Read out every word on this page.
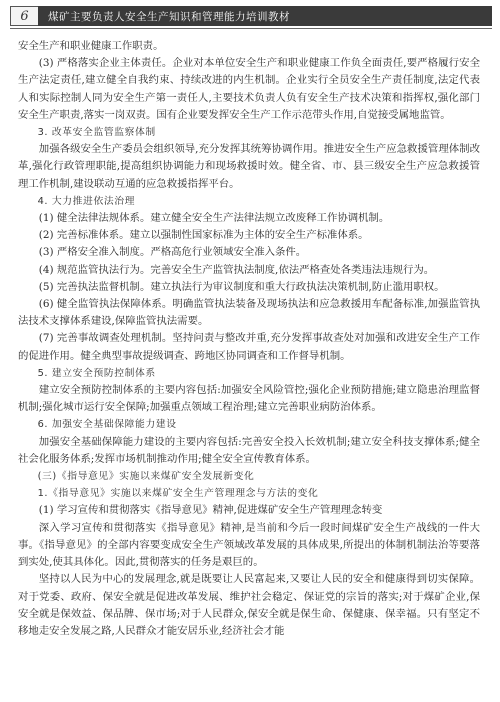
6	煤矿主要负责人安全生产知识和管理能力培训教材

安全生产和职业健康工作职责。

(3) 严格落实企业主体责任。企业对本单位安全生产和职业健康工作负全面责任,要严格履行安全生产法定责任,建立健全自我约束、持续改进的内生机制。企业实行全员安全生产责任制度,法定代表人和实际控制人同为安全生产第一责任人,主要技术负责人负有安全生产技术决策和指挥权,强化部门安全生产职责,落实一岗双责。国有企业要发挥安全生产工作示范带头作用,自觉接受属地监管。

3. 改革安全监管监察体制

加强各级安全生产委员会组织领导,充分发挥其统筹协调作用。推进安全生产应急救援管理体制改革,强化行政管理职能,提高组织协调能力和现场救援时效。健全省、市、县三级安全生产应急救援管理工作机制,建设联动互通的应急救援指挥平台。

4. 大力推进依法治理

(1) 健全法律法规体系。建立健全安全生产法律法规立改废释工作协调机制。

(2) 完善标准体系。建立以强制性国家标准为主体的安全生产标准体系。

(3) 严格安全准入制度。严格高危行业领域安全准入条件。

(4) 规范监管执法行为。完善安全生产监管执法制度,依法严格查处各类违法违规行为。

(5) 完善执法监督机制。建立执法行为审议制度和重大行政执法决策机制,防止滥用职权。

(6) 健全监管执法保障体系。明确监管执法装备及现场执法和应急救援用车配备标准,加强监管执法技术支撑体系建设,保障监管执法需要。

(7) 完善事故调查处理机制。坚持问责与整改并重,充分发挥事故查处对加强和改进安全生产工作的促进作用。健全典型事故提级调查、跨地区协同调查和工作督导机制。

5. 建立安全预防控制体系

建立安全预防控制体系的主要内容包括:加强安全风险管控;强化企业预防措施;建立隐患治理监督机制;强化城市运行安全保障;加强重点领域工程治理;建立完善职业病防治体系。

6. 加强安全基础保障能力建设

加强安全基础保障能力建设的主要内容包括:完善安全投入长效机制;建立安全科技支撑体系;健全社会化服务体系;发挥市场机制推动作用;健全安全宣传教育体系。

(三)《指导意见》实施以来煤矿安全发展新变化

1.《指导意见》实施以来煤矿安全生产管理理念与方法的变化

(1) 学习宣传和贯彻落实《指导意见》精神,促进煤矿安全生产管理理念转变

深入学习宣传和贯彻落实《指导意见》精神,是当前和今后一段时间煤矿安全生产战线的一件大事。《指导意见》的全部内容要变成安全生产领域改革发展的具体成果,所提出的体制机制法治等要落到实处,使其具体化。因此,贯彻落实的任务是艰巨的。

坚持以人民为中心的发展理念,就是既要让人民富起来,又要让人民的安全和健康得到切实保障。对于党委、政府、保安全就是促进改革发展、维护社会稳定、保证党的宗旨的落实;对于煤矿企业,保安全就是保效益、保品牌、保市场;对于人民群众,保安全就是保生命、保健康、保幸福。只有坚定不移地走安全发展之路,人民群众才能安居乐业,经济社会才能
